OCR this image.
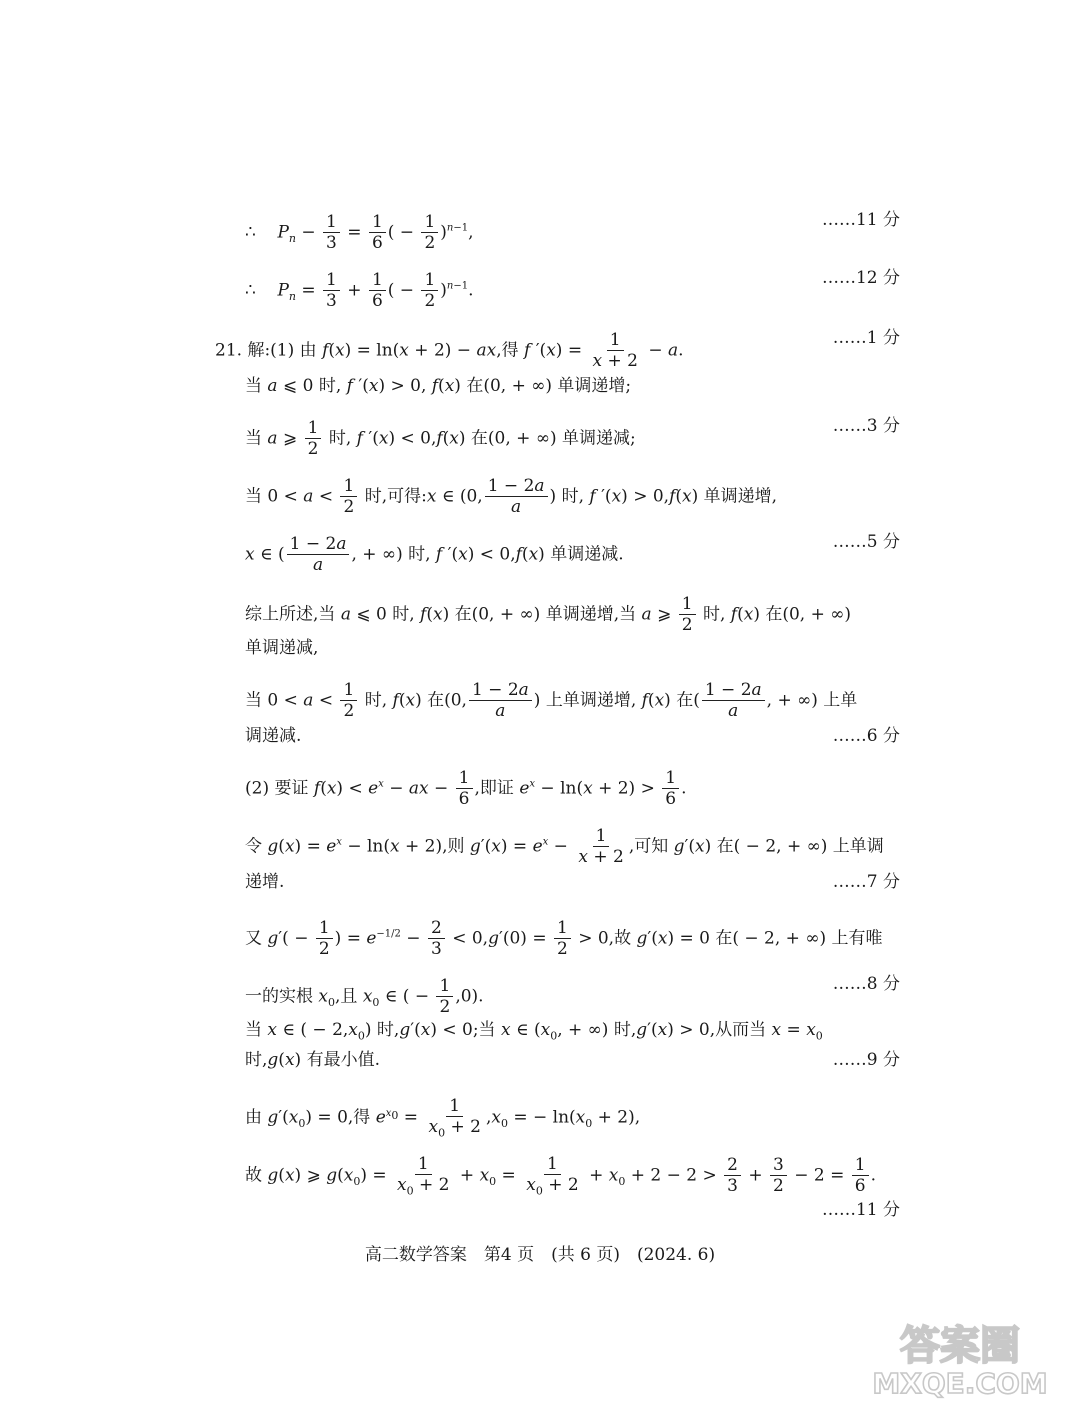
∴    $P_n - \frac{1}{3} = \frac{1}{6}$ ( − $\frac{1}{2} )^{n-1}$,
……11 分
∴    $P_n = \frac{1}{3} + \frac{1}{6}$ ( − $\frac{1}{2} )^{n-1}$.
……12 分
21. 解:(1) 由 f(x) = ln(x + 2) − ax,得 f $'(x) = \frac{1}{x + 2} - a$.
……1 分
当 a ⩽ 0 时, f ′(x) > 0, f(x) 在(0, + ∞) 单调递增;
当 a ⩾ $\frac{1}{2}$ 时, f ′(x) < 0,f(x) 在(0, + ∞) 单调递减;
……3 分
当 $0 < a < \frac{1}{2}$ 时,可得:x ∈ (0, $\frac{1 - 2a}{a}$ ) 时, f ′(x) > 0,f(x) 单调递增,
x ∈ ( $\frac{1 - 2a}{a}$ , + ∞) 时, f ′(x) < 0,f(x) 单调递减.
……5 分
综上所述,当 a ⩽ 0 时, f(x) 在(0, + ∞) 单调递增,当 a ⩾ $\frac{1}{2}$ 时, f(x) 在(0, + ∞)
单调递减,
当 $0 < a < \frac{1}{2}$ 时, f(x) 在(0, $\frac{1 - 2a}{a}$ ) 上单调递增, f(x) 在( $\frac{1 - 2a}{a}$ , + ∞) 上单
调递减.	……6 分
(2) 要证 $f(x) < e^x$ − ax − $\frac{1}{6}$ ,即证 $e^x - \ln(x + 2) > \frac{1}{6}$ .
令 $g(x) = e^x - \ln(x + 2)$,则 $g'(x) = e^x - \frac{1}{x + 2}$ ,可知 g′(x) 在( − 2, + ∞) 上单调
递增.	……7 分
又 $g'( - \frac{1}{2}$ ) = $e^{-1/2} - \frac{2}{3} < 0,g'(0) = \frac{1}{2} > 0$,故 g′(x) = 0 在( − 2, + ∞) 上有唯
一的实根 $x_0$,且 $x_0$ ∈ ( − $\frac{1}{2} ,0$).
……8 分
当 x ∈ ( − $2,x_0$) 时,g′(x) < 0;当 x ∈ ($x_0$, + ∞) 时,g′(x) > 0,从而当 $x = x_0$
时,g(x) 有最小值.	……9 分
由 $g'(x_0) = 0$,得 $e^{x_0} = \frac{1}{x_0 + 2} ,x_0$ = − $\ln(x_0 + 2)$,
故 g(x) ⩾ $g(x_0) = \frac{1}{x_0 + 2} + x_0 = \frac{1}{x_0 + 2} + x_0 + 2 - 2 > \frac{2}{3} + \frac{3}{2} - 2 = \frac{1}{6}$ .
……11 分
高二数学答案　第4 页　(共 6 页)　(2024. 6)
答案圈
MXQE.COM
